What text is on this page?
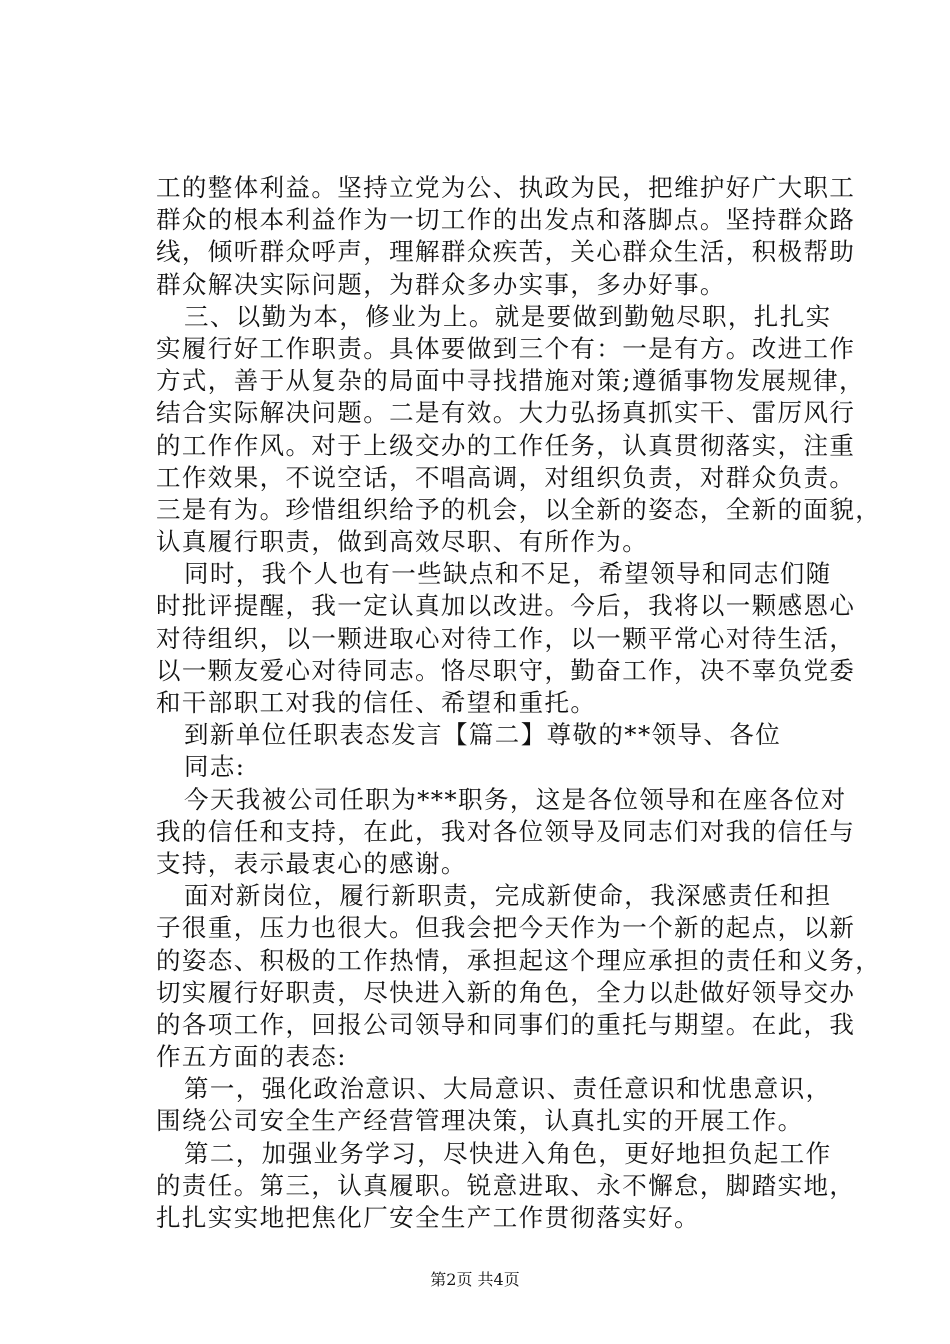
工的整体利益。坚持立党为公、执政为民，把维护好广大职工
群众的根本利益作为一切工作的出发点和落脚点。坚持群众路
线，倾听群众呼声，理解群众疾苦，关心群众生活，积极帮助
群众解决实际问题，为群众多办实事，多办好事。
三、以勤为本，修业为上。就是要做到勤勉尽职，扎扎实
实履行好工作职责。具体要做到三个有：一是有方。改进工作
方式，善于从复杂的局面中寻找措施对策;遵循事物发展规律，
结合实际解决问题。二是有效。大力弘扬真抓实干、雷厉风行
的工作作风。对于上级交办的工作任务，认真贯彻落实，注重
工作效果，不说空话，不唱高调，对组织负责，对群众负责。
三是有为。珍惜组织给予的机会，以全新的姿态，全新的面貌，
认真履行职责，做到高效尽职、有所作为。
同时，我个人也有一些缺点和不足，希望领导和同志们随
时批评提醒，我一定认真加以改进。今后，我将以一颗感恩心
对待组织，以一颗进取心对待工作，以一颗平常心对待生活，
以一颗友爱心对待同志。恪尽职守，勤奋工作，决不辜负党委
和干部职工对我的信任、希望和重托。
到新单位任职表态发言【篇二】尊敬的**领导、各位
同志:
今天我被公司任职为***职务，这是各位领导和在座各位对
我的信任和支持，在此，我对各位领导及同志们对我的信任与
支持，表示最衷心的感谢。
面对新岗位，履行新职责，完成新使命，我深感责任和担
子很重，压力也很大。但我会把今天作为一个新的起点，以新
的姿态、积极的工作热情，承担起这个理应承担的责任和义务，
切实履行好职责，尽快进入新的角色，全力以赴做好领导交办
的各项工作，回报公司领导和同事们的重托与期望。在此，我
作五方面的表态:
第一，强化政治意识、大局意识、责任意识和忧患意识，
围绕公司安全生产经营管理决策，认真扎实的开展工作。
第二，加强业务学习，尽快进入角色，更好地担负起工作
的责任。第三，认真履职。锐意进取、永不懈怠，脚踏实地，
扎扎实实地把焦化厂安全生产工作贯彻落实好。
第2页 共4页
